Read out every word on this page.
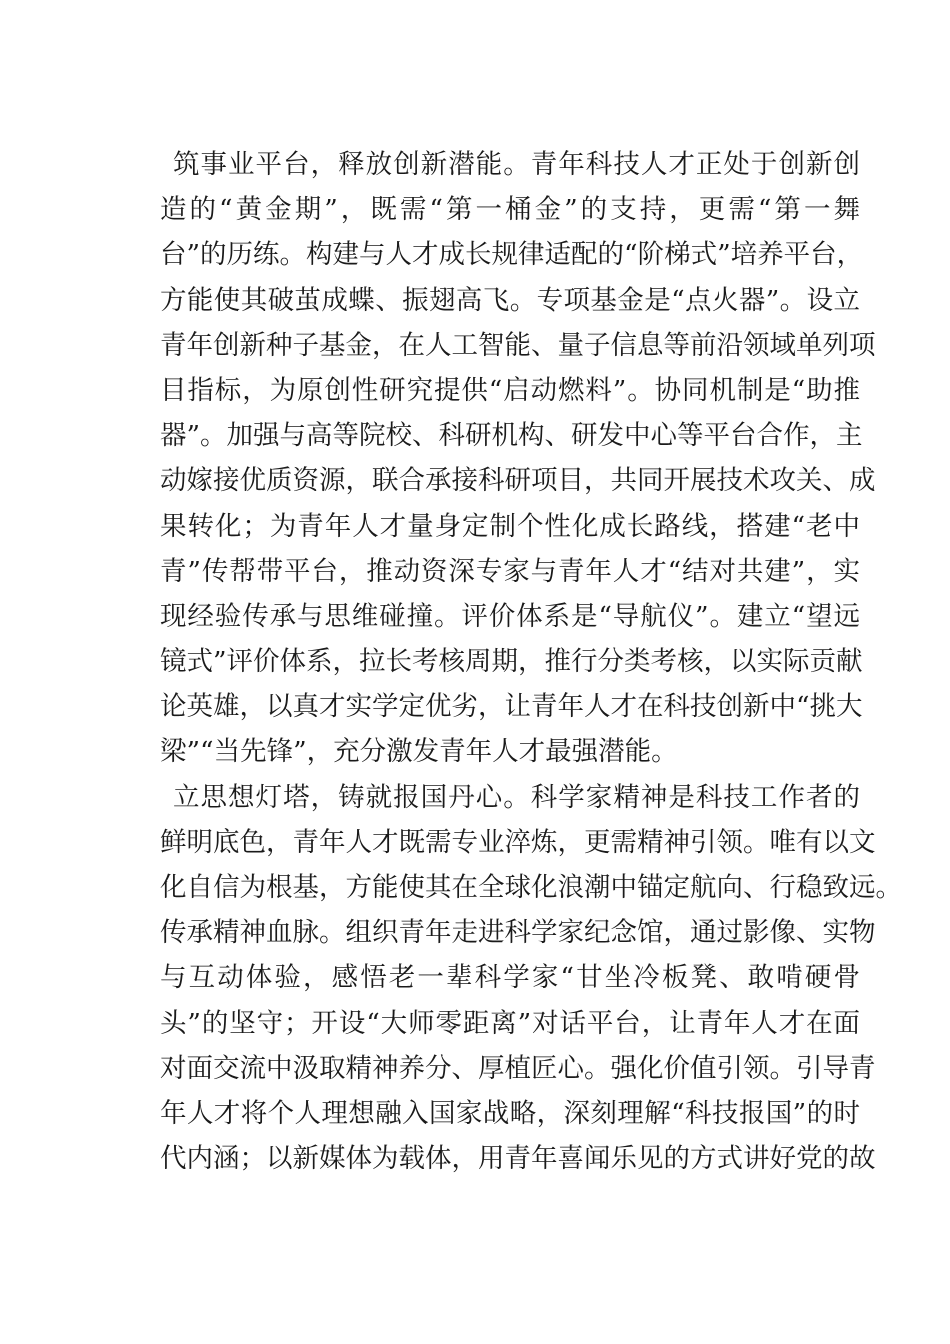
筑事业平台，释放创新潜能。青年科技人才正处于创新创
造的“黄金期”，既需“第一桶金”的支持，更需“第一舞
台”的历练。构建与人才成长规律适配的“阶梯式”培养平台，
方能使其破茧成蝶、振翅高飞。专项基金是“点火器”。设立
青年创新种子基金，在人工智能、量子信息等前沿领域单列项
目指标，为原创性研究提供“启动燃料”。协同机制是“助推
器”。加强与高等院校、科研机构、研发中心等平台合作，主
动嫁接优质资源，联合承接科研项目，共同开展技术攻关、成
果转化；为青年人才量身定制个性化成长路线，搭建“老中
青”传帮带平台，推动资深专家与青年人才“结对共建”，实
现经验传承与思维碰撞。评价体系是“导航仪”。建立“望远
镜式”评价体系，拉长考核周期，推行分类考核，以实际贡献
论英雄，以真才实学定优劣，让青年人才在科技创新中“挑大
梁”“当先锋”，充分激发青年人才最强潜能。
立思想灯塔，铸就报国丹心。科学家精神是科技工作者的
鲜明底色，青年人才既需专业淬炼，更需精神引领。唯有以文
化自信为根基，方能使其在全球化浪潮中锚定航向、行稳致远。
传承精神血脉。组织青年走进科学家纪念馆，通过影像、实物
与互动体验，感悟老一辈科学家“甘坐冷板凳、敢啃硬骨
头”的坚守；开设“大师零距离”对话平台，让青年人才在面
对面交流中汲取精神养分、厚植匠心。强化价值引领。引导青
年人才将个人理想融入国家战略，深刻理解“科技报国”的时
代内涵；以新媒体为载体，用青年喜闻乐见的方式讲好党的故
